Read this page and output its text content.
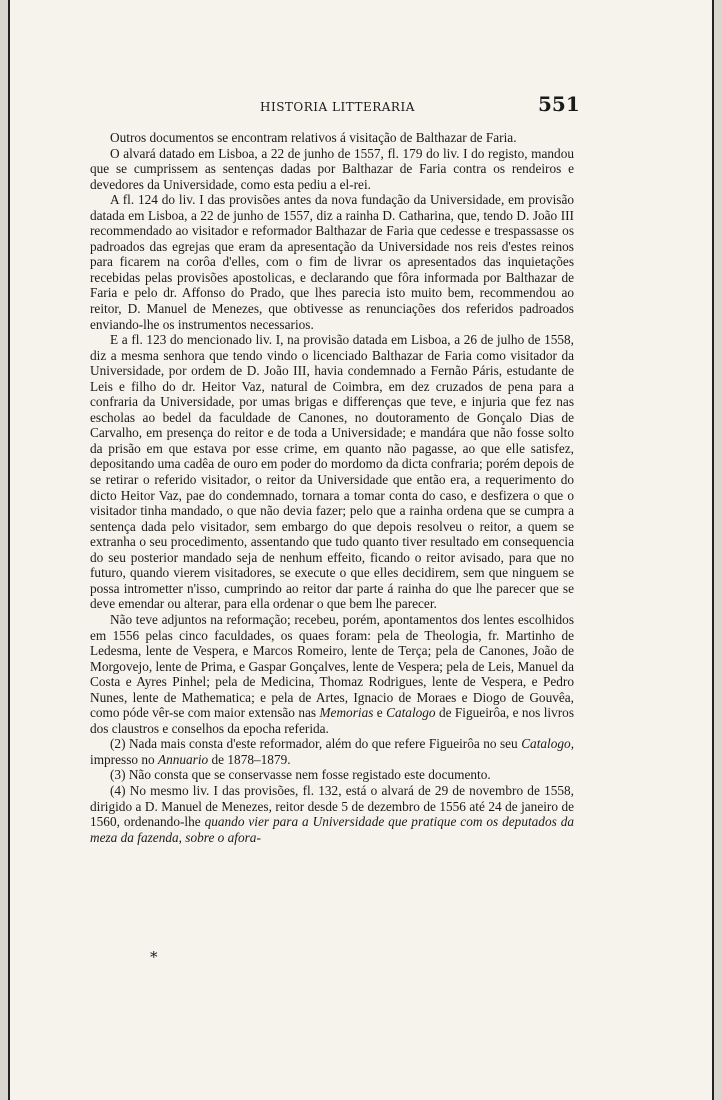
HISTORIA LITTERARIA	551

Outros documentos se encontram relativos á visitação de Balthazar de Faria.

O alvará datado em Lisboa, a 22 de junho de 1557, fl. 179 do liv. I do registo, mandou que se cumprissem as sentenças dadas por Balthazar de Faria contra os rendeiros e devedores da Universidade, como esta pediu a el-rei.

A fl. 124 do liv. I das provisões antes da nova fundação da Universidade, em provisão datada em Lisboa, a 22 de junho de 1557, diz a rainha D. Catharina, que, tendo D. João III recommendado ao visitador e reformador Balthazar de Faria que cedesse e trespassasse os padroados das egrejas que eram da apresentação da Universidade nos reis d'estes reinos para ficarem na corôa d'elles, com o fim de livrar os apresentados das inquietações recebidas pelas provisões apostolicas, e declarando que fôra informada por Balthazar de Faria e pelo dr. Affonso do Prado, que lhes parecia isto muito bem, recommendou ao reitor, D. Manuel de Menezes, que obtivesse as renunciações dos referidos padroados enviando-lhe os instrumentos necessarios.

E a fl. 123 do mencionado liv. I, na provisão datada em Lisboa, a 26 de julho de 1558, diz a mesma senhora que tendo vindo o licenciado Balthazar de Faria como visitador da Universidade, por ordem de D. João III, havia condemnado a Fernão Páris, estudante de Leis e filho do dr. Heitor Vaz, natural de Coimbra, em dez cruzados de pena para a confraria da Universidade, por umas brigas e differenças que teve, e injuria que fez nas escholas ao bedel da faculdade de Canones, no doutoramento de Gonçalo Dias de Carvalho, em presença do reitor e de toda a Universidade; e mandára que não fosse solto da prisão em que estava por esse crime, em quanto não pagasse, ao que elle satisfez, depositando uma cadêa de ouro em poder do mordomo da dicta confraria; porém depois de se retirar o referido visitador, o reitor da Universidade que então era, a requerimento do dicto Heitor Vaz, pae do condemnado, tornara a tomar conta do caso, e desfizera o que o visitador tinha mandado, o que não devia fazer; pelo que a rainha ordena que se cumpra a sentença dada pelo visitador, sem embargo do que depois resolveu o reitor, a quem se extranha o seu procedimento, assentando que tudo quanto tiver resultado em consequencia do seu posterior mandado seja de nenhum effeito, ficando o reitor avisado, para que no futuro, quando vierem visitadores, se execute o que elles decidirem, sem que ninguem se possa intrometter n'isso, cumprindo ao reitor dar parte á rainha do que lhe parecer que se deve emendar ou alterar, para ella ordenar o que bem lhe parecer.

Não teve adjuntos na reformação; recebeu, porém, apontamentos dos lentes escolhidos em 1556 pelas cinco faculdades, os quaes foram: pela de Theologia, fr. Martinho de Ledesma, lente de Vespera, e Marcos Romeiro, lente de Terça; pela de Canones, João de Morgovejo, lente de Prima, e Gaspar Gonçalves, lente de Vespera; pela de Leis, Manuel da Costa e Ayres Pinhel; pela de Medicina, Thomaz Rodrigues, lente de Vespera, e Pedro Nunes, lente de Mathematica; e pela de Artes, Ignacio de Moraes e Diogo de Gouvêa, como póde vêr-se com maior extensão nas Memorias e Catalogo de Figueirôa, e nos livros dos claustros e conselhos da epocha referida.

(2) Nada mais consta d'este reformador, além do que refere Figueirôa no seu Catalogo, impresso no Annuario de 1878–1879.

(3) Não consta que se conservasse nem fosse registado este documento.

(4) No mesmo liv. I das provisões, fl. 132, está o alvará de 29 de novembro de 1558, dirigido a D. Manuel de Menezes, reitor desde 5 de dezembro de 1556 até 24 de janeiro de 1560, ordenando-lhe quando vier para a Universidade que pratique com os deputados da meza da fazenda, sobre o afora-

*
